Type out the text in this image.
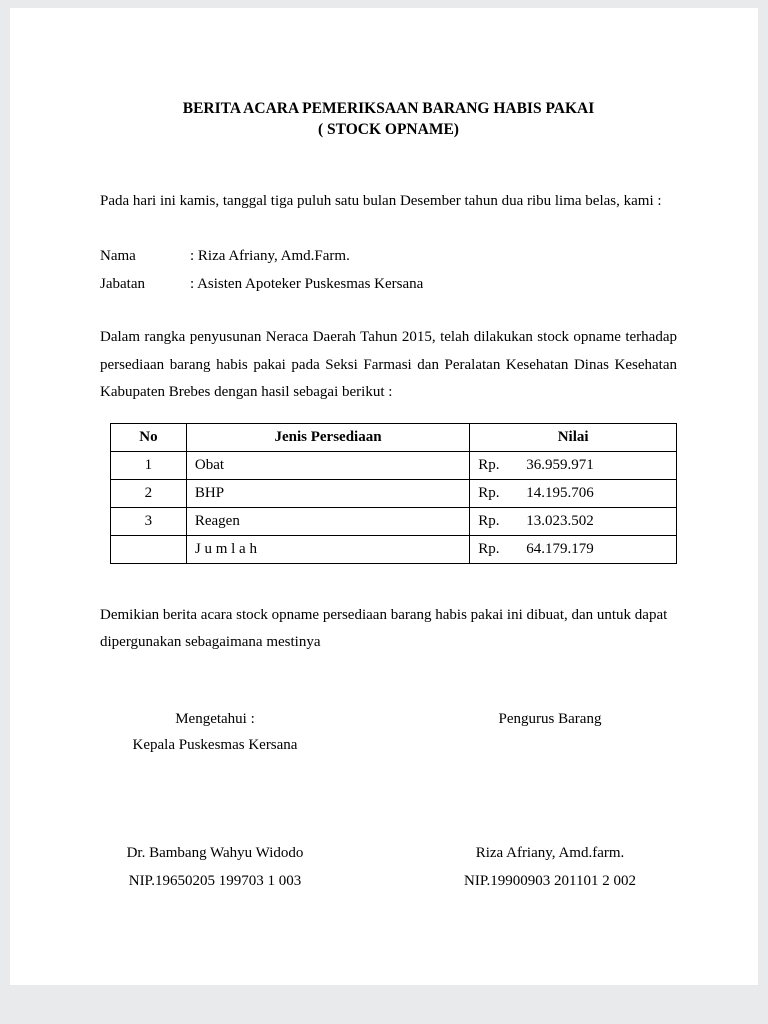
BERITA ACARA PEMERIKSAAN BARANG HABIS PAKAI
( STOCK OPNAME)

Pada hari ini kamis, tanggal tiga puluh satu bulan Desember tahun dua ribu lima belas, kami :

Nama	: Riza Afriany, Amd.Farm.
Jabatan	: Asisten Apoteker Puskesmas Kersana

Dalam rangka penyusunan Neraca Daerah Tahun 2015, telah dilakukan stock opname terhadap persediaan barang habis pakai pada Seksi Farmasi dan Peralatan Kesehatan Dinas Kesehatan Kabupaten Brebes dengan hasil sebagai berikut :

No	Jenis Persediaan	Nilai
1	Obat	Rp. 36.959.971

2	BHP	Rp. 14.195.706

3	Reagen	Rp. 13.023.502

	J u m l a h	Rp. 64.179.179

Demikian berita acara stock opname persediaan barang habis pakai ini dibuat, dan untuk dapat dipergunakan sebagaimana mestinya

Mengetahui :
Kepala Puskesmas Kersana
Pengurus Barang
Dr. Bambang Wahyu Widodo
NIP.19650205 199703 1 003
Riza Afriany, Amd.farm.
NIP.19900903 201101 2 002
